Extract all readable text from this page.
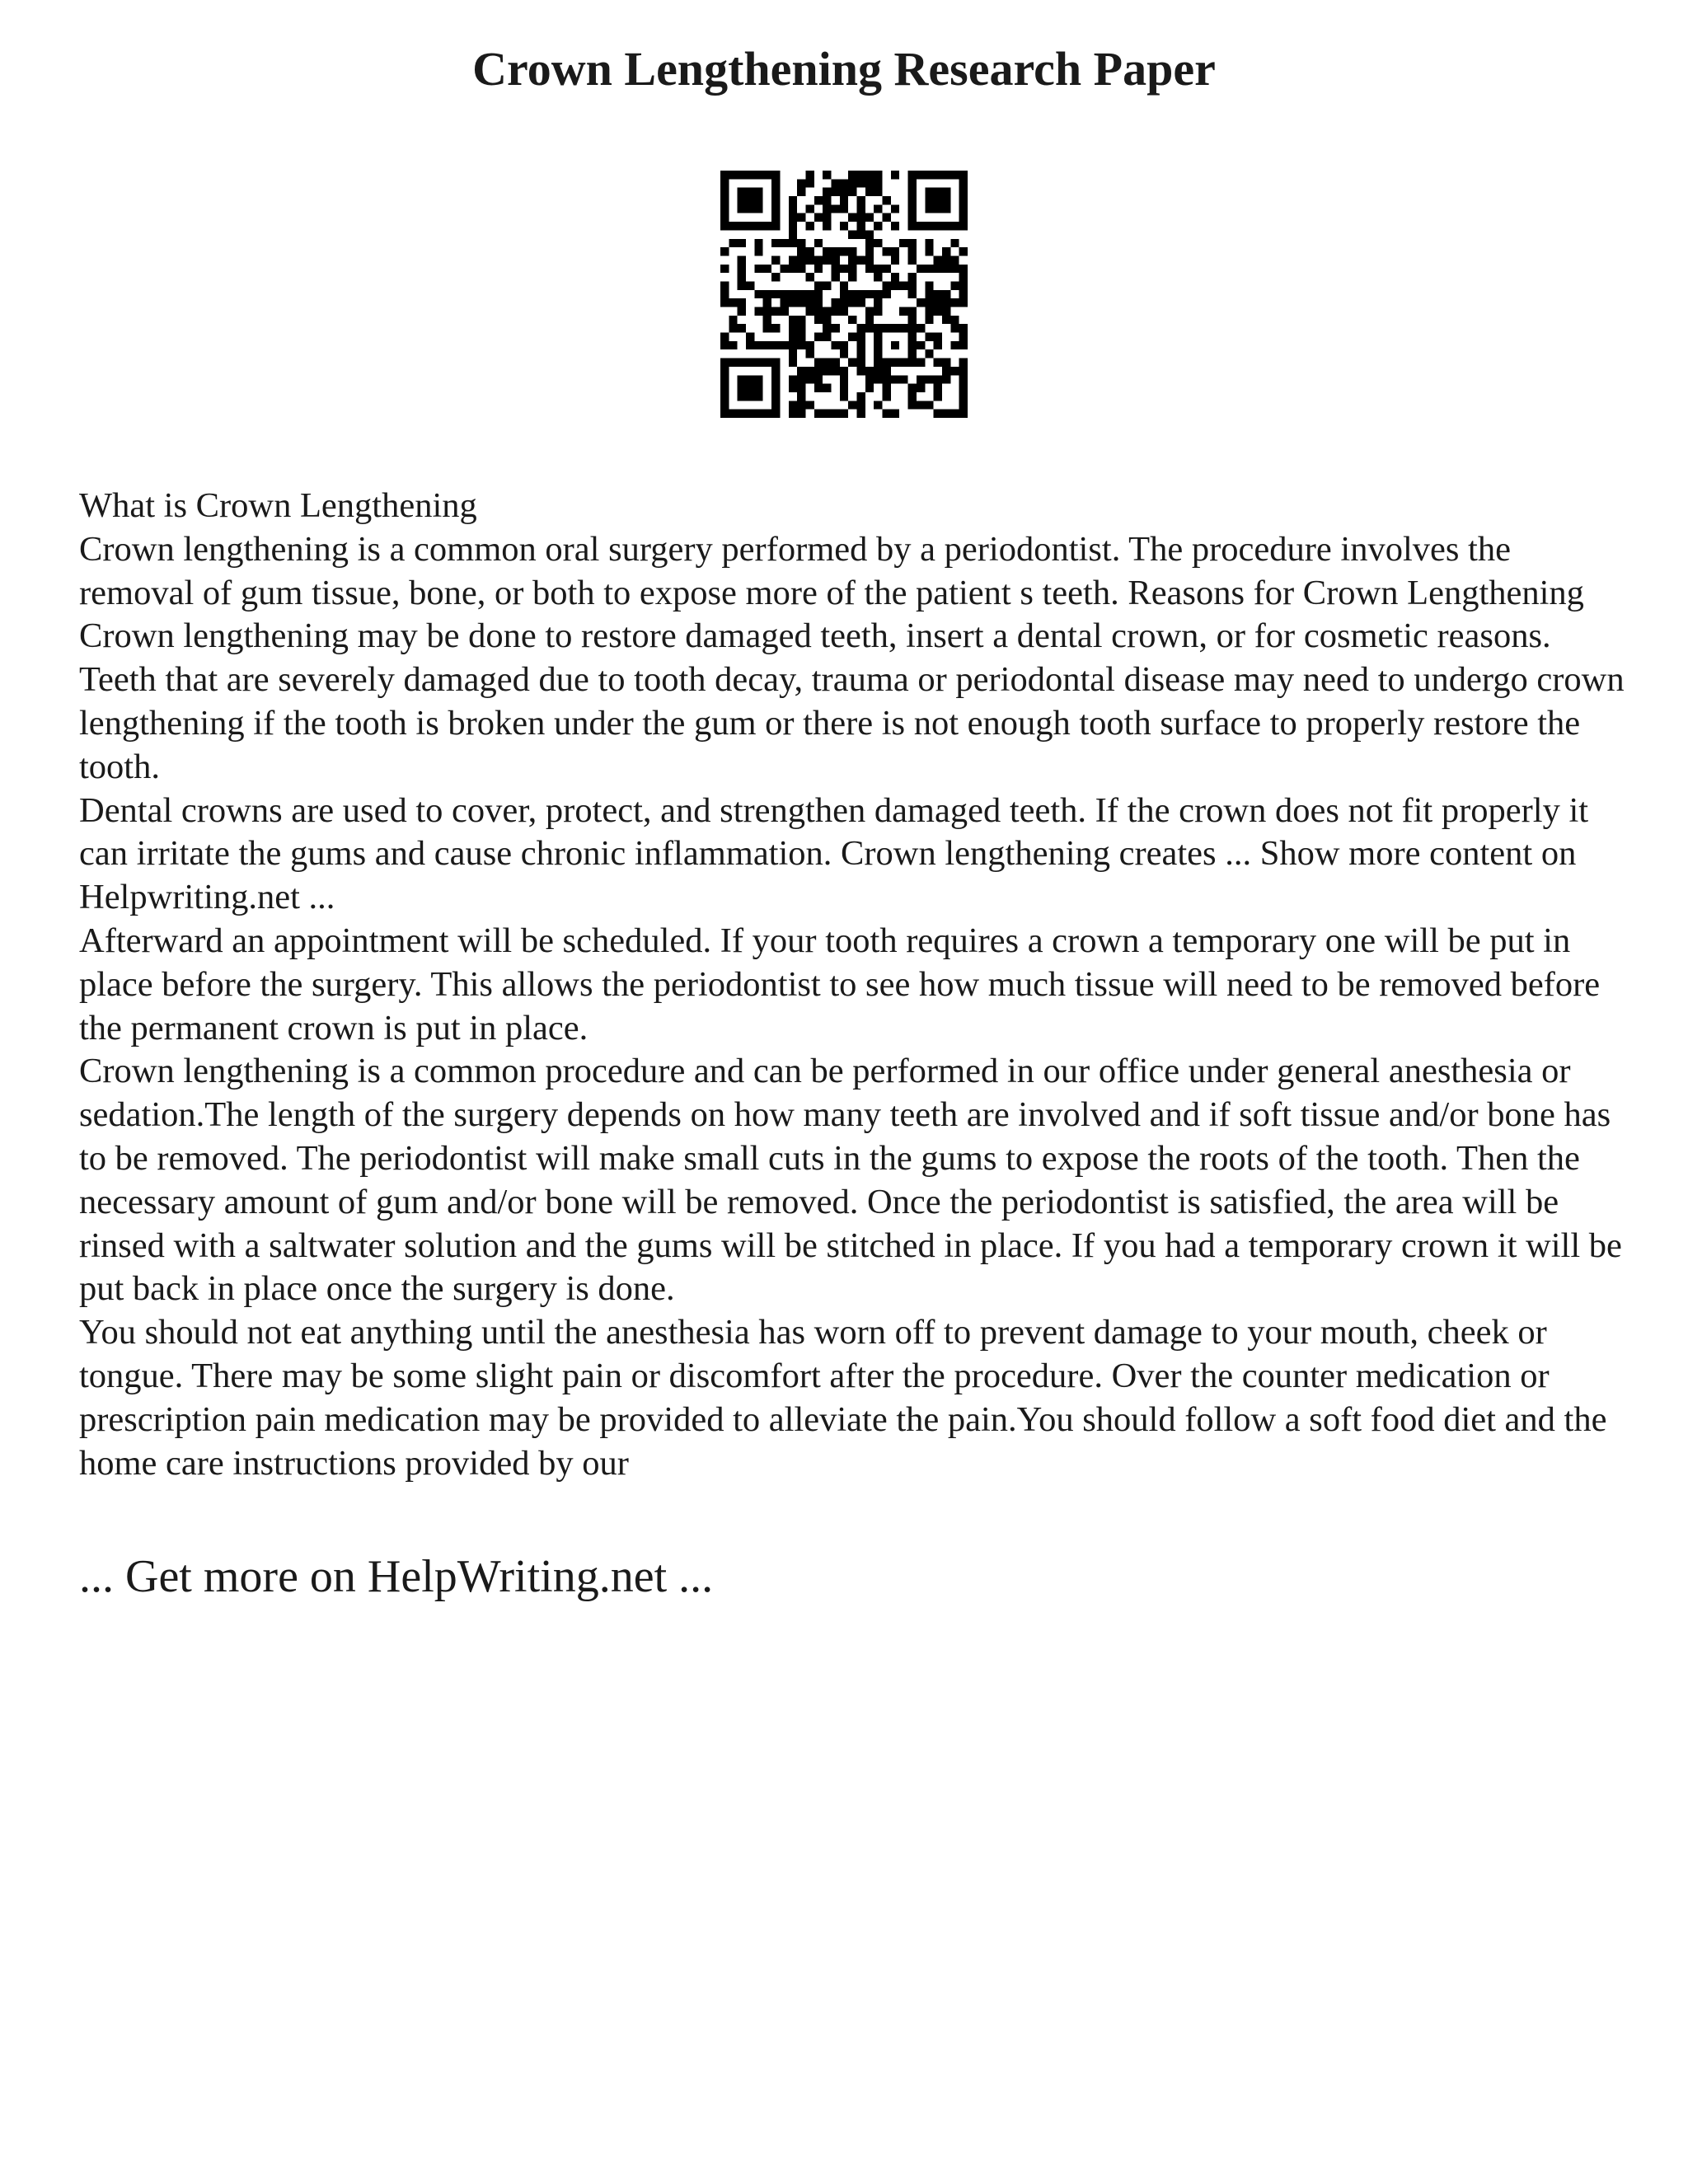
Crown Lengthening Research Paper

What is Crown Lengthening

Crown lengthening is a common oral surgery performed by a periodontist. The procedure involves the removal of gum tissue, bone, or both to expose more of the patient s teeth. Reasons for Crown Lengthening

Crown lengthening may be done to restore damaged teeth, insert a dental crown, or for cosmetic reasons. Teeth that are severely damaged due to tooth decay, trauma or periodontal disease may need to undergo crown lengthening if the tooth is broken under the gum or there is not enough tooth surface to properly restore the tooth.

Dental crowns are used to cover, protect, and strengthen damaged teeth. If the crown does not fit properly it can irritate the gums and cause chronic inflammation. Crown lengthening creates ... Show more content on Helpwriting.net ...

Afterward an appointment will be scheduled. If your tooth requires a crown a temporary one will be put in place before the surgery. This allows the periodontist to see how much tissue will need to be removed before the permanent crown is put in place.

Crown lengthening is a common procedure and can be performed in our office under general anesthesia or sedation.The length of the surgery depends on how many teeth are involved and if soft tissue and/or bone has to be removed. The periodontist will make small cuts in the gums to expose the roots of the tooth. Then the necessary amount of gum and/or bone will be removed. Once the periodontist is satisfied, the area will be rinsed with a saltwater solution and the gums will be stitched in place. If you had a temporary crown it will be put back in place once the surgery is done.

You should not eat anything until the anesthesia has worn off to prevent damage to your mouth, cheek or tongue. There may be some slight pain or discomfort after the procedure. Over the counter medication or prescription pain medication may be provided to alleviate the pain.You should follow a soft food diet and the home care instructions provided by our

... Get more on HelpWriting.net ...
